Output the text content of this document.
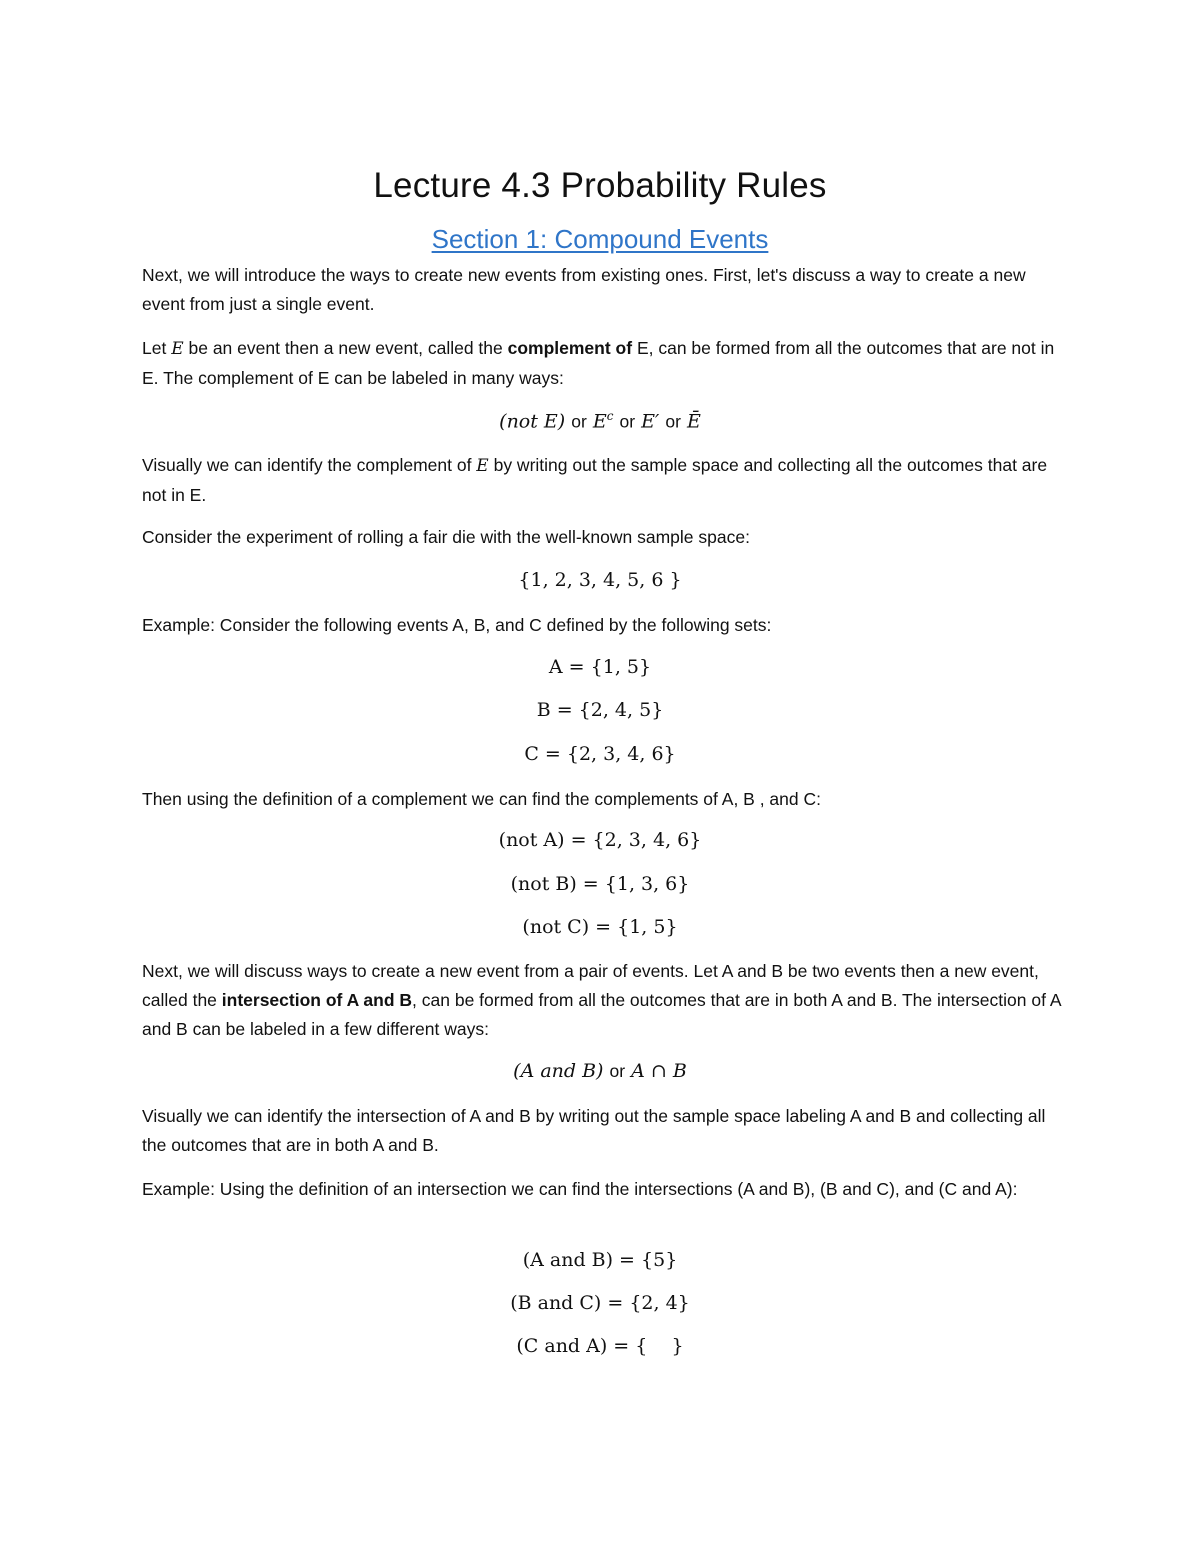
Lecture 4.3 Probability Rules
Section 1: Compound Events
Next, we will introduce the ways to create new events from existing ones. First, let's discuss a way to create a new event from just a single event.
Let E be an event then a new event, called the complement of E, can be formed from all the outcomes that are not in E. The complement of E can be labeled in many ways:
(not E) or $E^c$ or E′ or Ē
Visually we can identify the complement of E by writing out the sample space and collecting all the outcomes that are not in E.
Consider the experiment of rolling a fair die with the well-known sample space:
{1, 2, 3, 4, 5, 6 }
Example: Consider the following events A, B, and C defined by the following sets:
A = {1, 5}
B = {2, 4, 5}
C = {2, 3, 4, 6}
Then using the definition of a complement we can find the complements of A, B , and C:
(not A) = {2, 3, 4, 6}
(not B) = {1, 3, 6}
(not C) = {1, 5}
Next, we will discuss ways to create a new event from a pair of events. Let A and B be two events then a new event, called the intersection of A and B, can be formed from all the outcomes that are in both A and B. The intersection of A and B can be labeled in a few different ways:
(A and B) or A ∩ B
Visually we can identify the intersection of A and B by writing out the sample space labeling A and B and collecting all the outcomes that are in both A and B.
Example: Using the definition of an intersection we can find the intersections (A and B), (B and C), and (C and A):
(A and B) = {5}
(B and C) = {2, 4}
(C and A) = {    }
